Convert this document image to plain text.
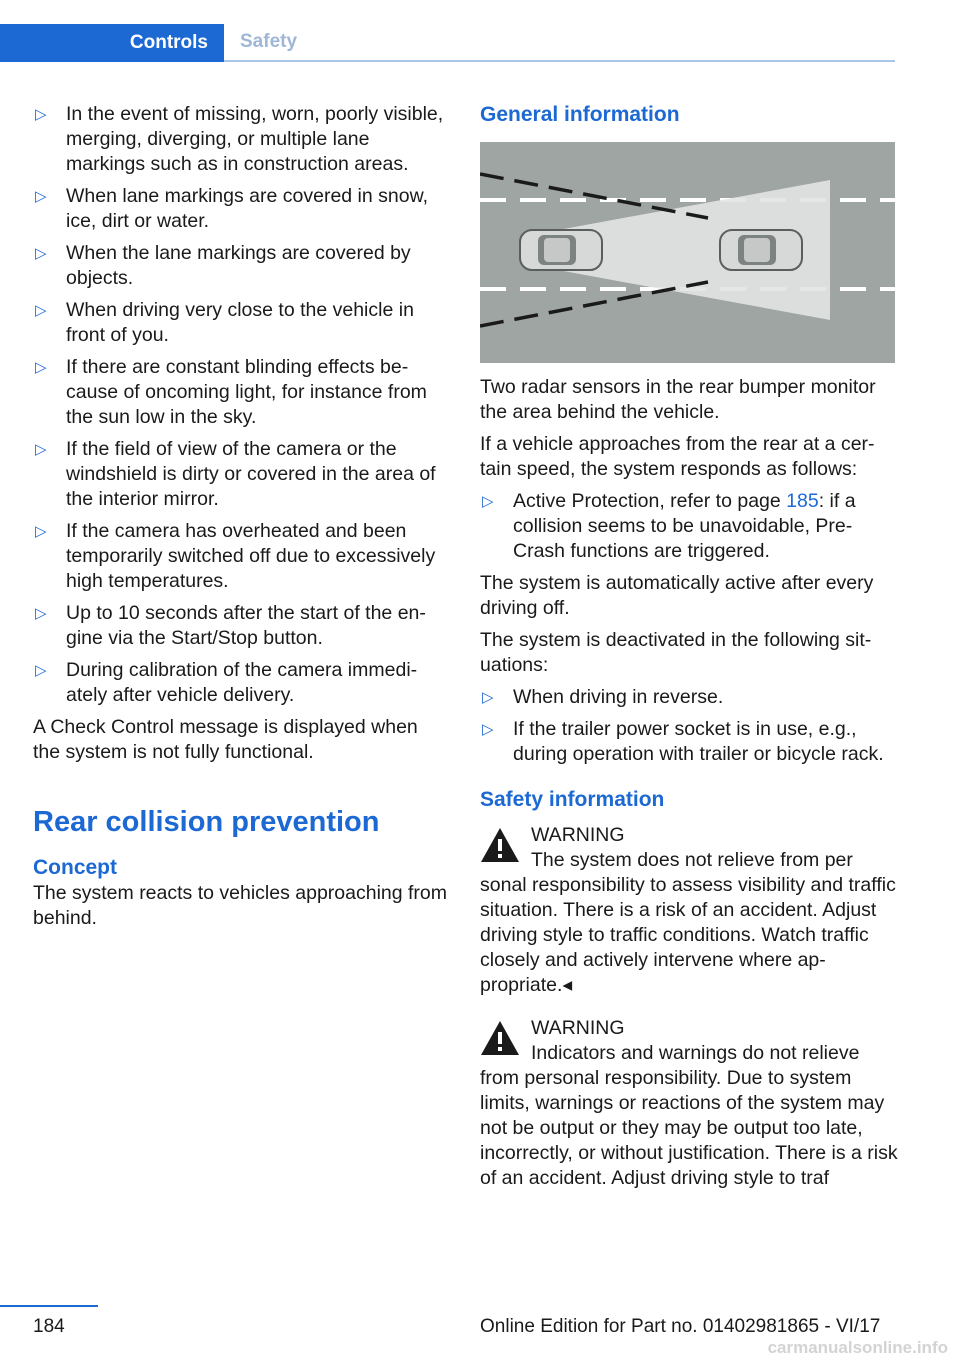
Controls	Safety
▷ In the event of missing, worn, poorly visible, merging, diverging, or multiple lane markings such as in construction areas.
▷ When lane markings are covered in snow, ice, dirt or water.
▷ When the lane markings are covered by objects.
▷ When driving very close to the vehicle in front of you.
▷ If there are constant blinding effects because of oncoming light, for instance from the sun low in the sky.
▷ If the field of view of the camera or the windshield is dirty or covered in the area of the interior mirror.
▷ If the camera has overheated and been temporarily switched off due to excessively high temperatures.
▷ Up to 10 seconds after the start of the engine via the Start/Stop button.
▷ During calibration of the camera immediately after vehicle delivery.

A Check Control message is displayed when the system is not fully functional.

Rear collision prevention
Concept

The system reacts to vehicles approaching from behind.

General information

Two radar sensors in the rear bumper monitor the area behind the vehicle.

If a vehicle approaches from the rear at a certain speed, the system responds as follows:

▷ Active Protection, refer to page 185: if a collision seems to be unavoidable, Pre-Crash functions are triggered.

The system is automatically active after every driving off.

The system is deactivated in the following situations:

▷ When driving in reverse.
▷ If the trailer power socket is in use, e.g., during operation with trailer or bicycle rack.
Safety information
WARNING
The system does not relieve from per

sonal responsibility to assess visibility and traffic situation. There is a risk of an accident. Adjust driving style to traffic conditions. Watch traffic closely and actively intervene where appropriate.◂

WARNING
Indicators and warnings do not relieve

from personal responsibility. Due to system limits, warnings or reactions of the system may not be output or they may be output too late, incorrectly, or without justification. There is a risk of an accident. Adjust driving style to traf

184	Online Edition for Part no. 01402981865 - VI/17
carmanualsonline.info
